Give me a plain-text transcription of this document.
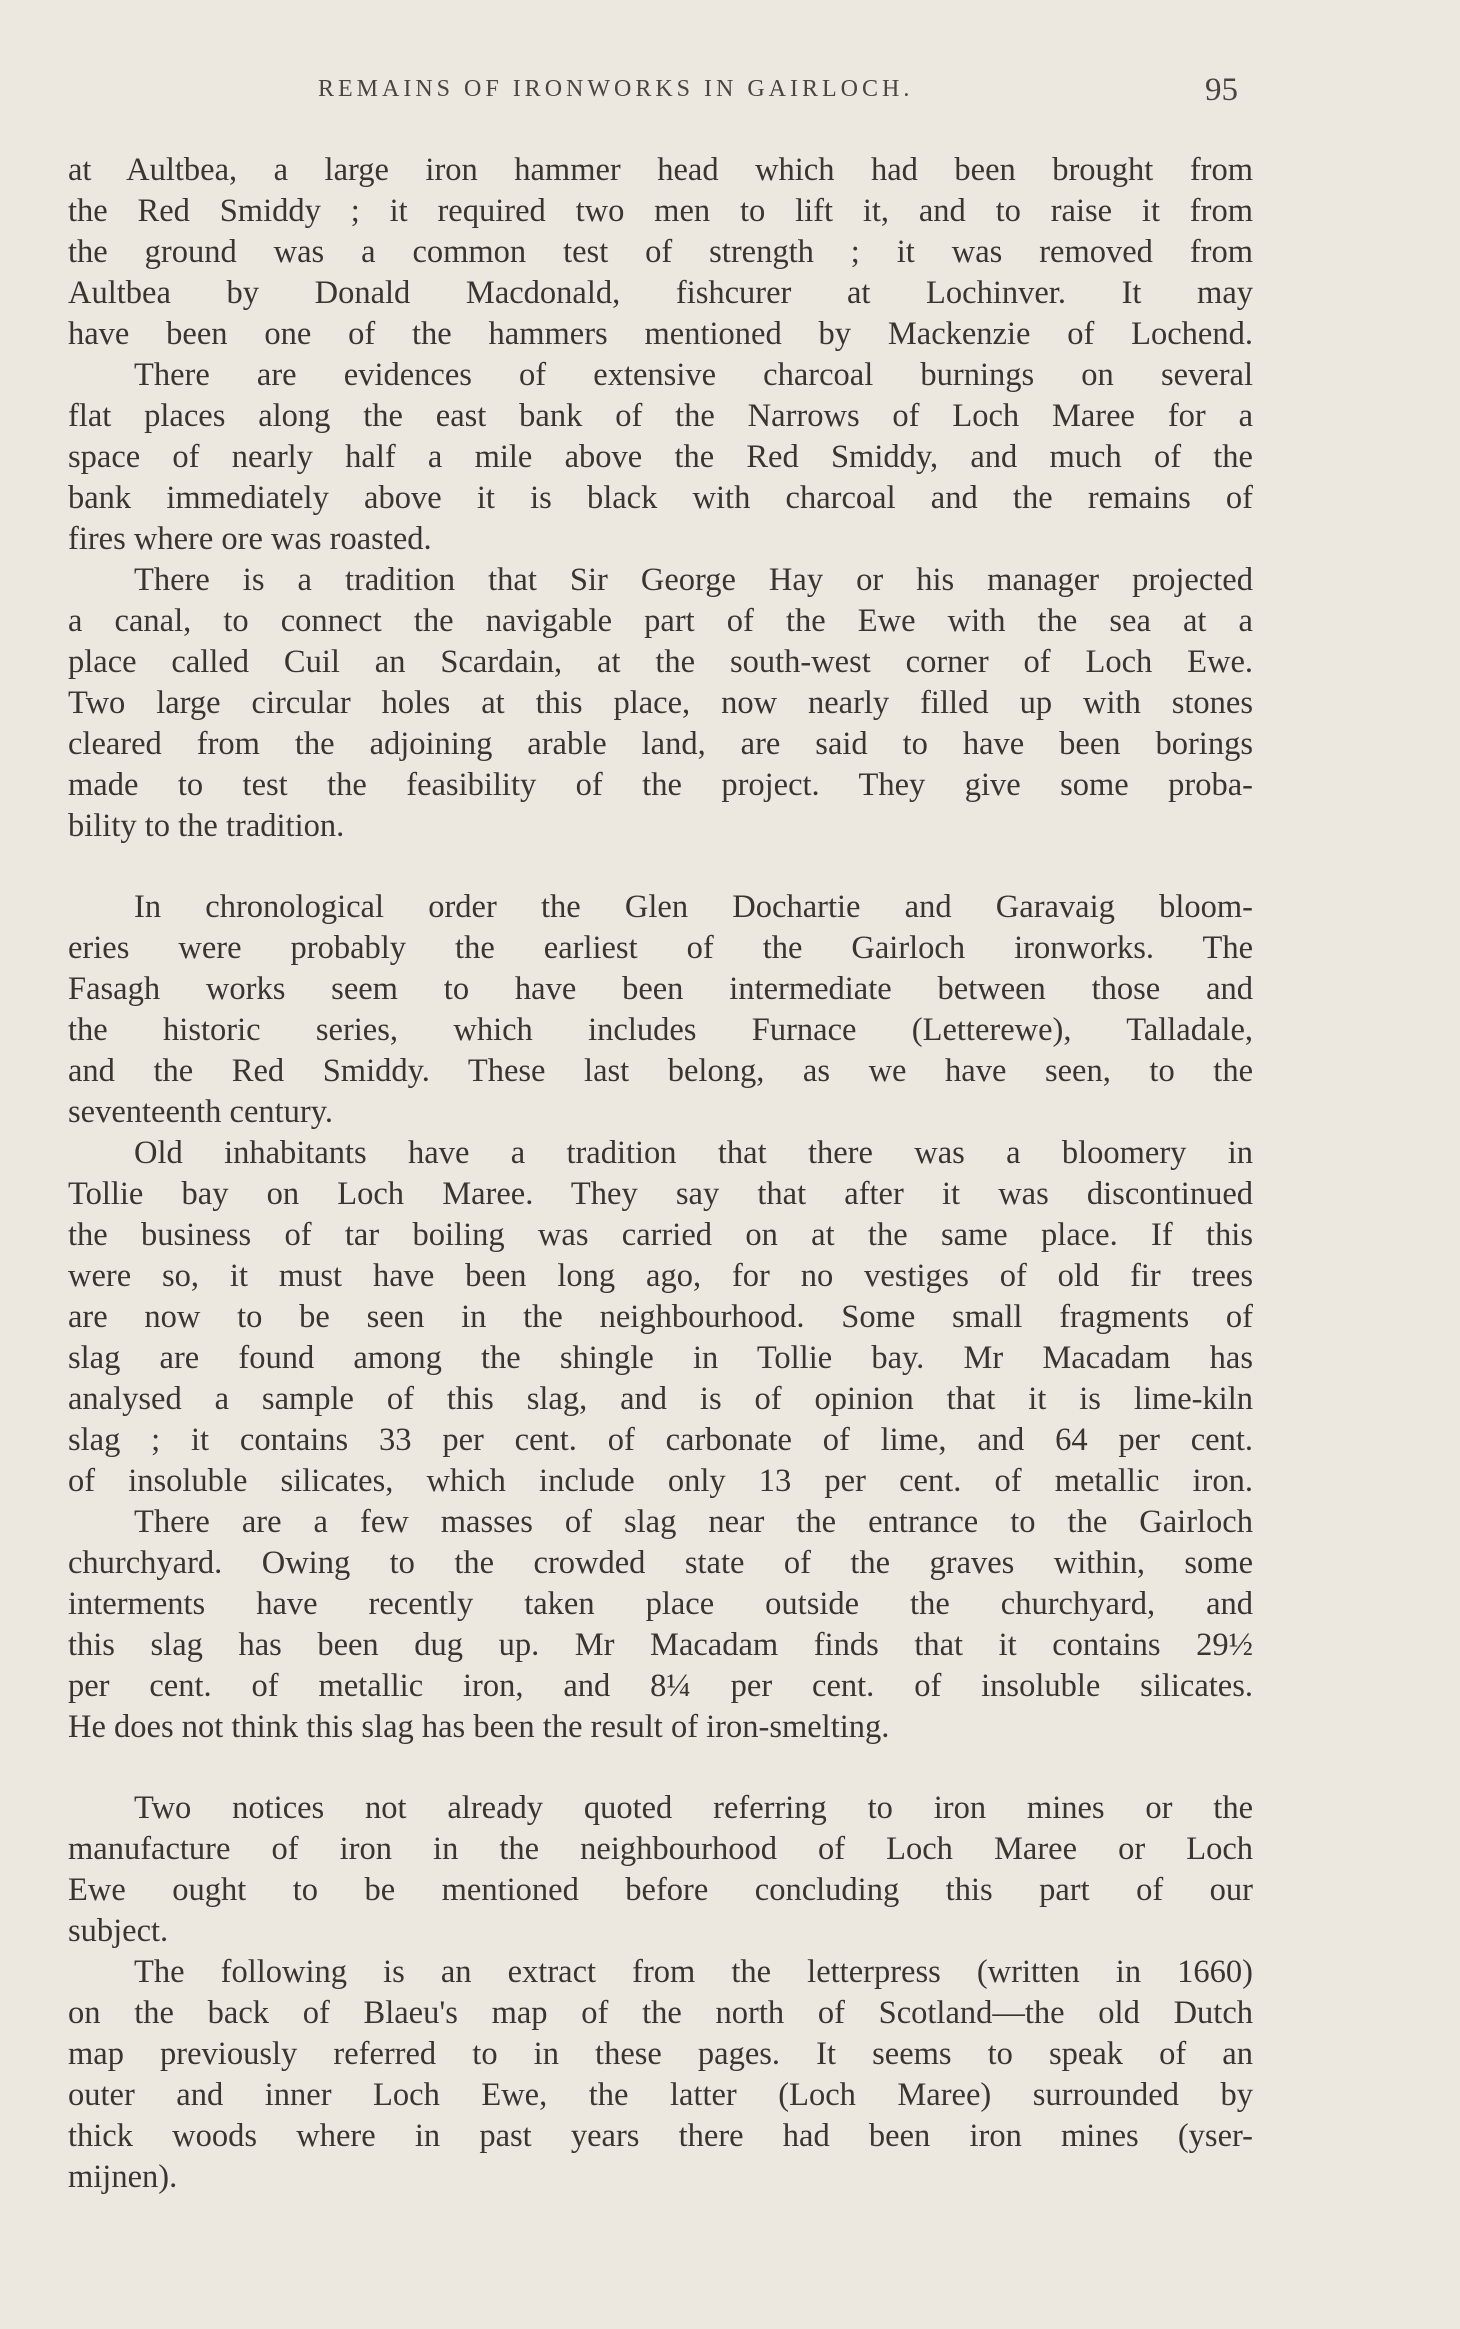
REMAINS OF IRONWORKS IN GAIRLOCH.	95
at Aultbea, a large iron hammer head which had been brought from
the Red Smiddy ; it required two men to lift it, and to raise it from
the ground was a common test of strength ; it was removed from
Aultbea by Donald Macdonald, fishcurer at Lochinver. It may
have been one of the hammers mentioned by Mackenzie of Lochend.
There are evidences of extensive charcoal burnings on several
flat places along the east bank of the Narrows of Loch Maree for a
space of nearly half a mile above the Red Smiddy, and much of the
bank immediately above it is black with charcoal and the remains of
fires where ore was roasted.
There is a tradition that Sir George Hay or his manager projected
a canal, to connect the navigable part of the Ewe with the sea at a
place called Cuil an Scardain, at the south-west corner of Loch Ewe.
Two large circular holes at this place, now nearly filled up with stones
cleared from the adjoining arable land, are said to have been borings
made to test the feasibility of the project. They give some proba-
bility to the tradition.
In chronological order the Glen Dochartie and Garavaig bloom-
eries were probably the earliest of the Gairloch ironworks. The
Fasagh works seem to have been intermediate between those and
the historic series, which includes Furnace (Letterewe), Talladale,
and the Red Smiddy. These last belong, as we have seen, to the
seventeenth century.
Old inhabitants have a tradition that there was a bloomery in
Tollie bay on Loch Maree. They say that after it was discontinued
the business of tar boiling was carried on at the same place. If this
were so, it must have been long ago, for no vestiges of old fir trees
are now to be seen in the neighbourhood. Some small fragments of
slag are found among the shingle in Tollie bay. Mr Macadam has
analysed a sample of this slag, and is of opinion that it is lime-kiln
slag ; it contains 33 per cent. of carbonate of lime, and 64 per cent.
of insoluble silicates, which include only 13 per cent. of metallic iron.
There are a few masses of slag near the entrance to the Gairloch
churchyard. Owing to the crowded state of the graves within, some
interments have recently taken place outside the churchyard, and
this slag has been dug up. Mr Macadam finds that it contains 29½
per cent. of metallic iron, and 8¼ per cent. of insoluble silicates.
He does not think this slag has been the result of iron-smelting.
Two notices not already quoted referring to iron mines or the
manufacture of iron in the neighbourhood of Loch Maree or Loch
Ewe ought to be mentioned before concluding this part of our
subject.
The following is an extract from the letterpress (written in 1660)
on the back of Blaeu's map of the north of Scotland—the old Dutch
map previously referred to in these pages. It seems to speak of an
outer and inner Loch Ewe, the latter (Loch Maree) surrounded by
thick woods where in past years there had been iron mines (yser-
mijnen).
